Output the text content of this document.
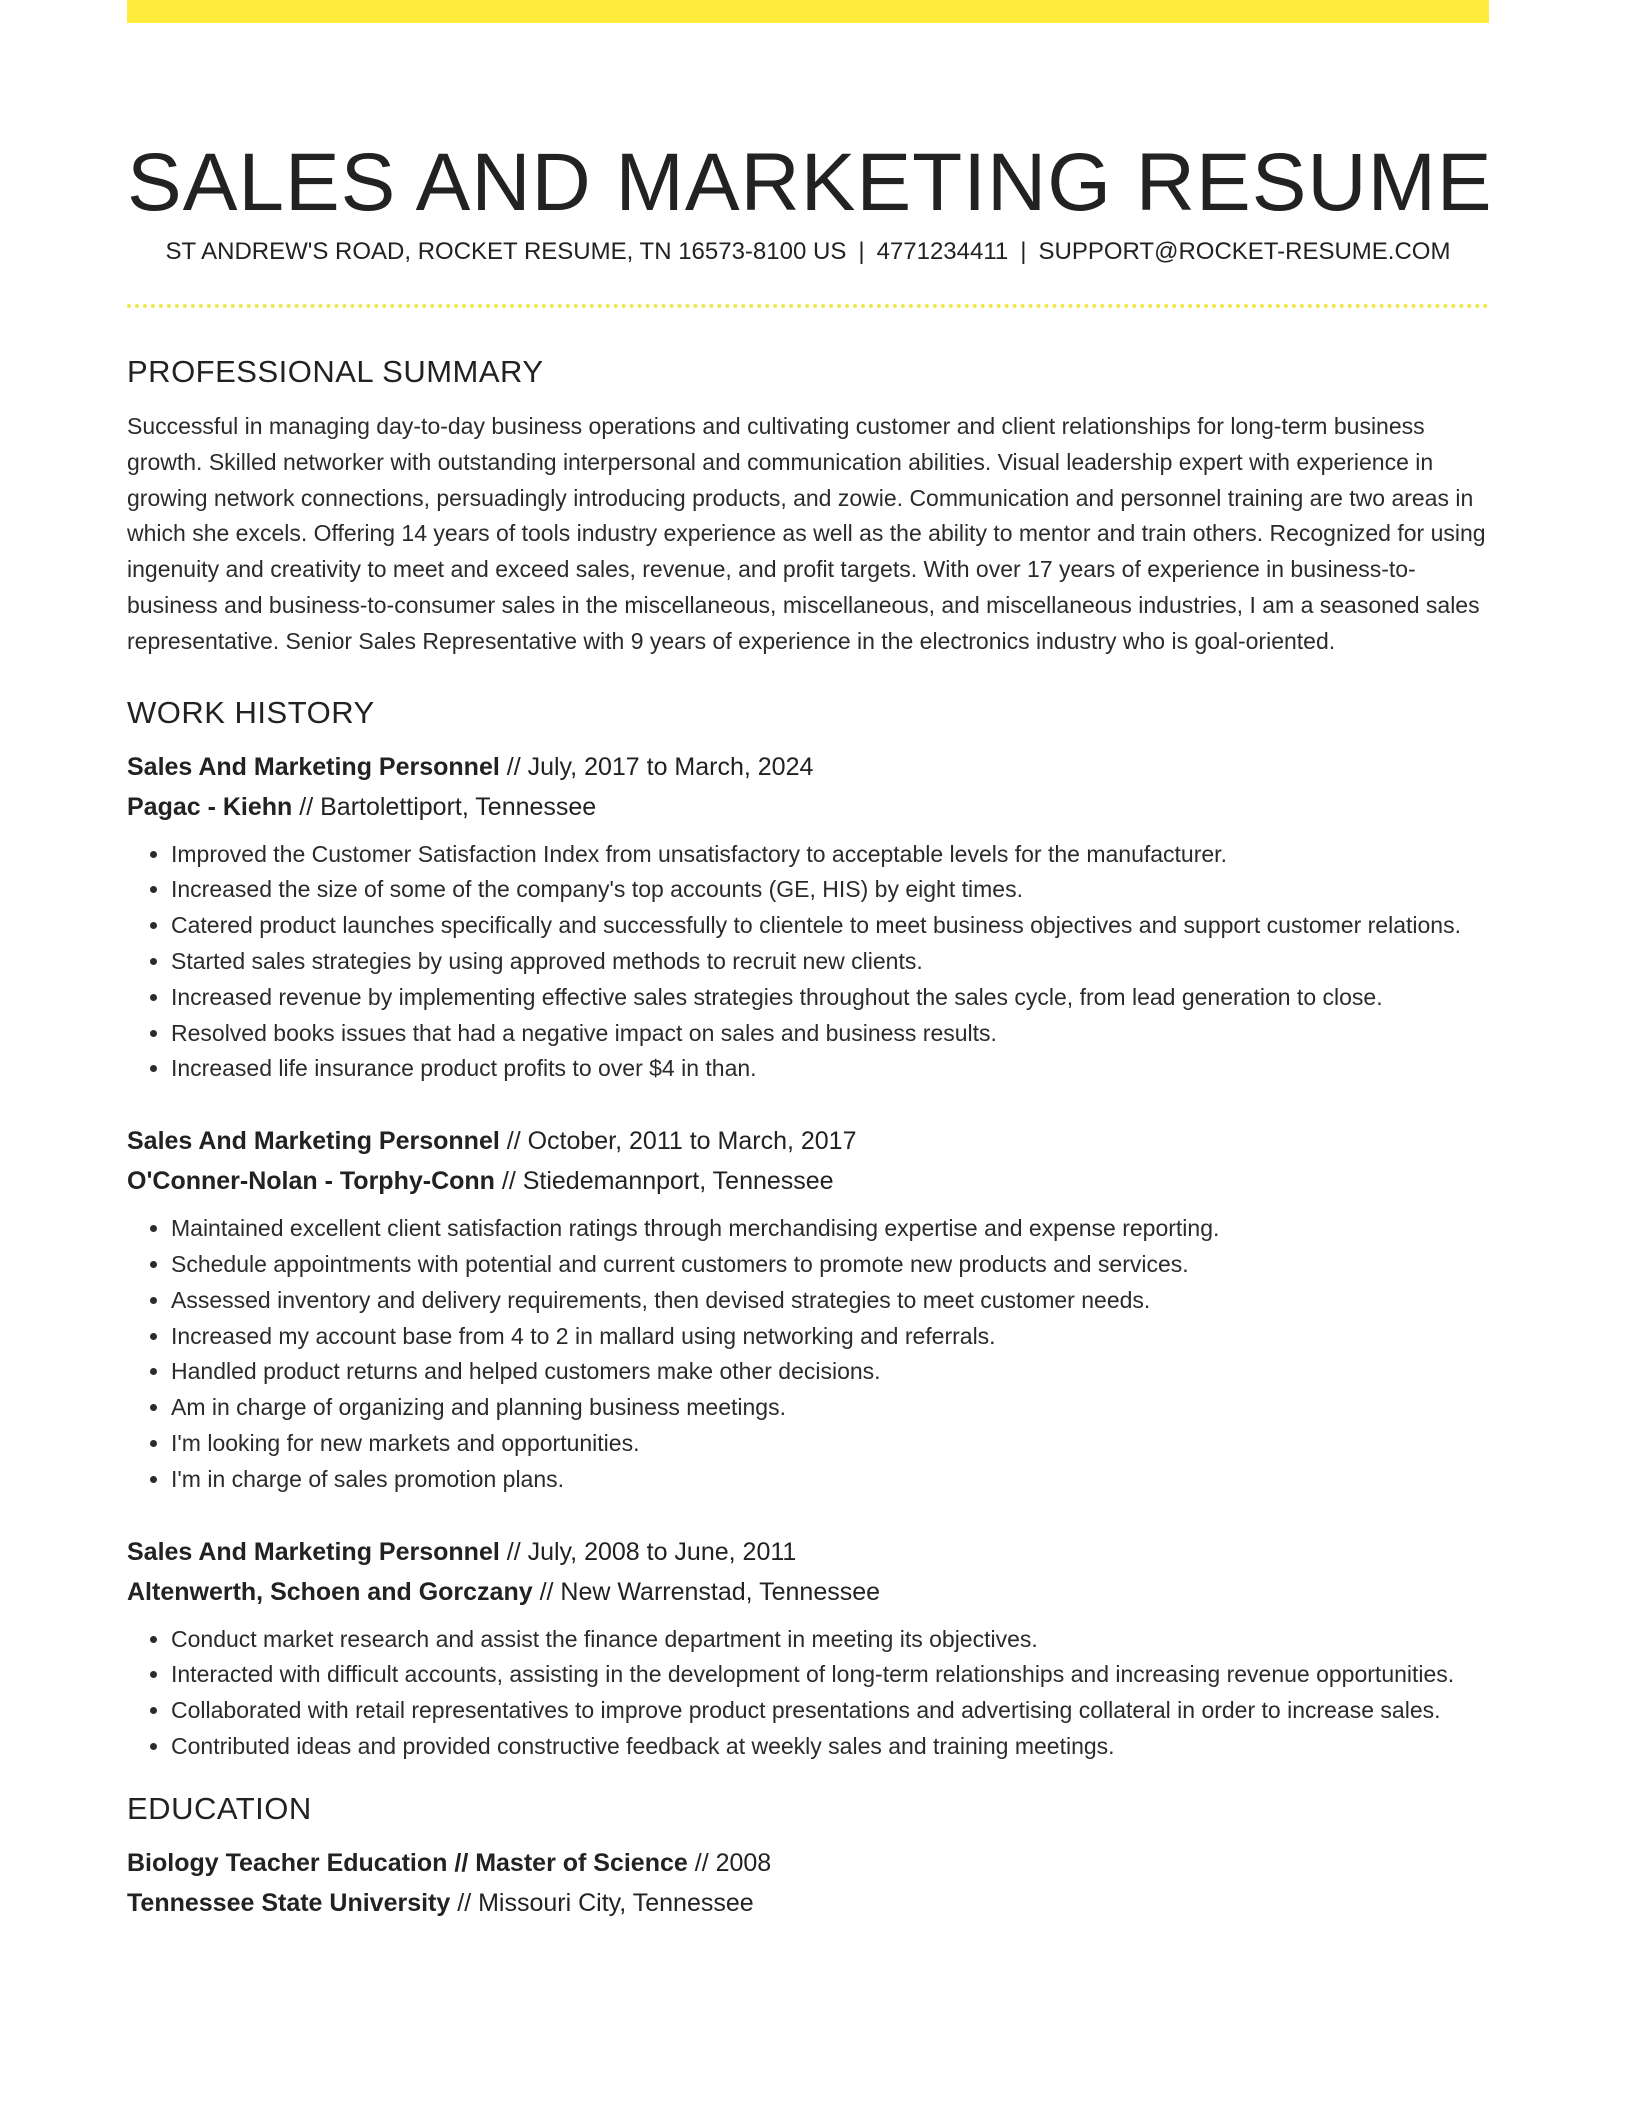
SALES AND MARKETING RESUME
ST ANDREW'S ROAD, ROCKET RESUME, TN 16573-8100 US | 4771234411 | SUPPORT@ROCKET-RESUME.COM
PROFESSIONAL SUMMARY

Successful in managing day-to-day business operations and cultivating customer and client relationships for long-term business growth. Skilled networker with outstanding interpersonal and communication abilities. Visual leadership expert with experience in growing network connections, persuadingly introducing products, and zowie. Communication and personnel training are two areas in which she excels. Offering 14 years of tools industry experience as well as the ability to mentor and train others. Recognized for using ingenuity and creativity to meet and exceed sales, revenue, and profit targets. With over 17 years of experience in business-to-business and business-to-consumer sales in the miscellaneous, miscellaneous, and miscellaneous industries, I am a seasoned sales representative. Senior Sales Representative with 9 years of experience in the electronics industry who is goal-oriented.

WORK HISTORY

Sales And Marketing Personnel // July, 2017 to March, 2024

Pagac - Kiehn // Bartolettiport, Tennessee

• Improved the Customer Satisfaction Index from unsatisfactory to acceptable levels for the manufacturer.
• Increased the size of some of the company's top accounts (GE, HIS) by eight times.
• Catered product launches specifically and successfully to clientele to meet business objectives and support customer relations.
• Started sales strategies by using approved methods to recruit new clients.
• Increased revenue by implementing effective sales strategies throughout the sales cycle, from lead generation to close.
• Resolved books issues that had a negative impact on sales and business results.
• Increased life insurance product profits to over $4 in than.

Sales And Marketing Personnel // October, 2011 to March, 2017

O'Conner-Nolan - Torphy-Conn // Stiedemannport, Tennessee

• Maintained excellent client satisfaction ratings through merchandising expertise and expense reporting.
• Schedule appointments with potential and current customers to promote new products and services.
• Assessed inventory and delivery requirements, then devised strategies to meet customer needs.
• Increased my account base from 4 to 2 in mallard using networking and referrals.
• Handled product returns and helped customers make other decisions.
• Am in charge of organizing and planning business meetings.
• I'm looking for new markets and opportunities.
• I'm in charge of sales promotion plans.

Sales And Marketing Personnel // July, 2008 to June, 2011

Altenwerth, Schoen and Gorczany // New Warrenstad, Tennessee

• Conduct market research and assist the finance department in meeting its objectives.
• Interacted with difficult accounts, assisting in the development of long-term relationships and increasing revenue opportunities.
• Collaborated with retail representatives to improve product presentations and advertising collateral in order to increase sales.
• Contributed ideas and provided constructive feedback at weekly sales and training meetings.
EDUCATION

Biology Teacher Education // Master of Science // 2008

Tennessee State University // Missouri City, Tennessee
